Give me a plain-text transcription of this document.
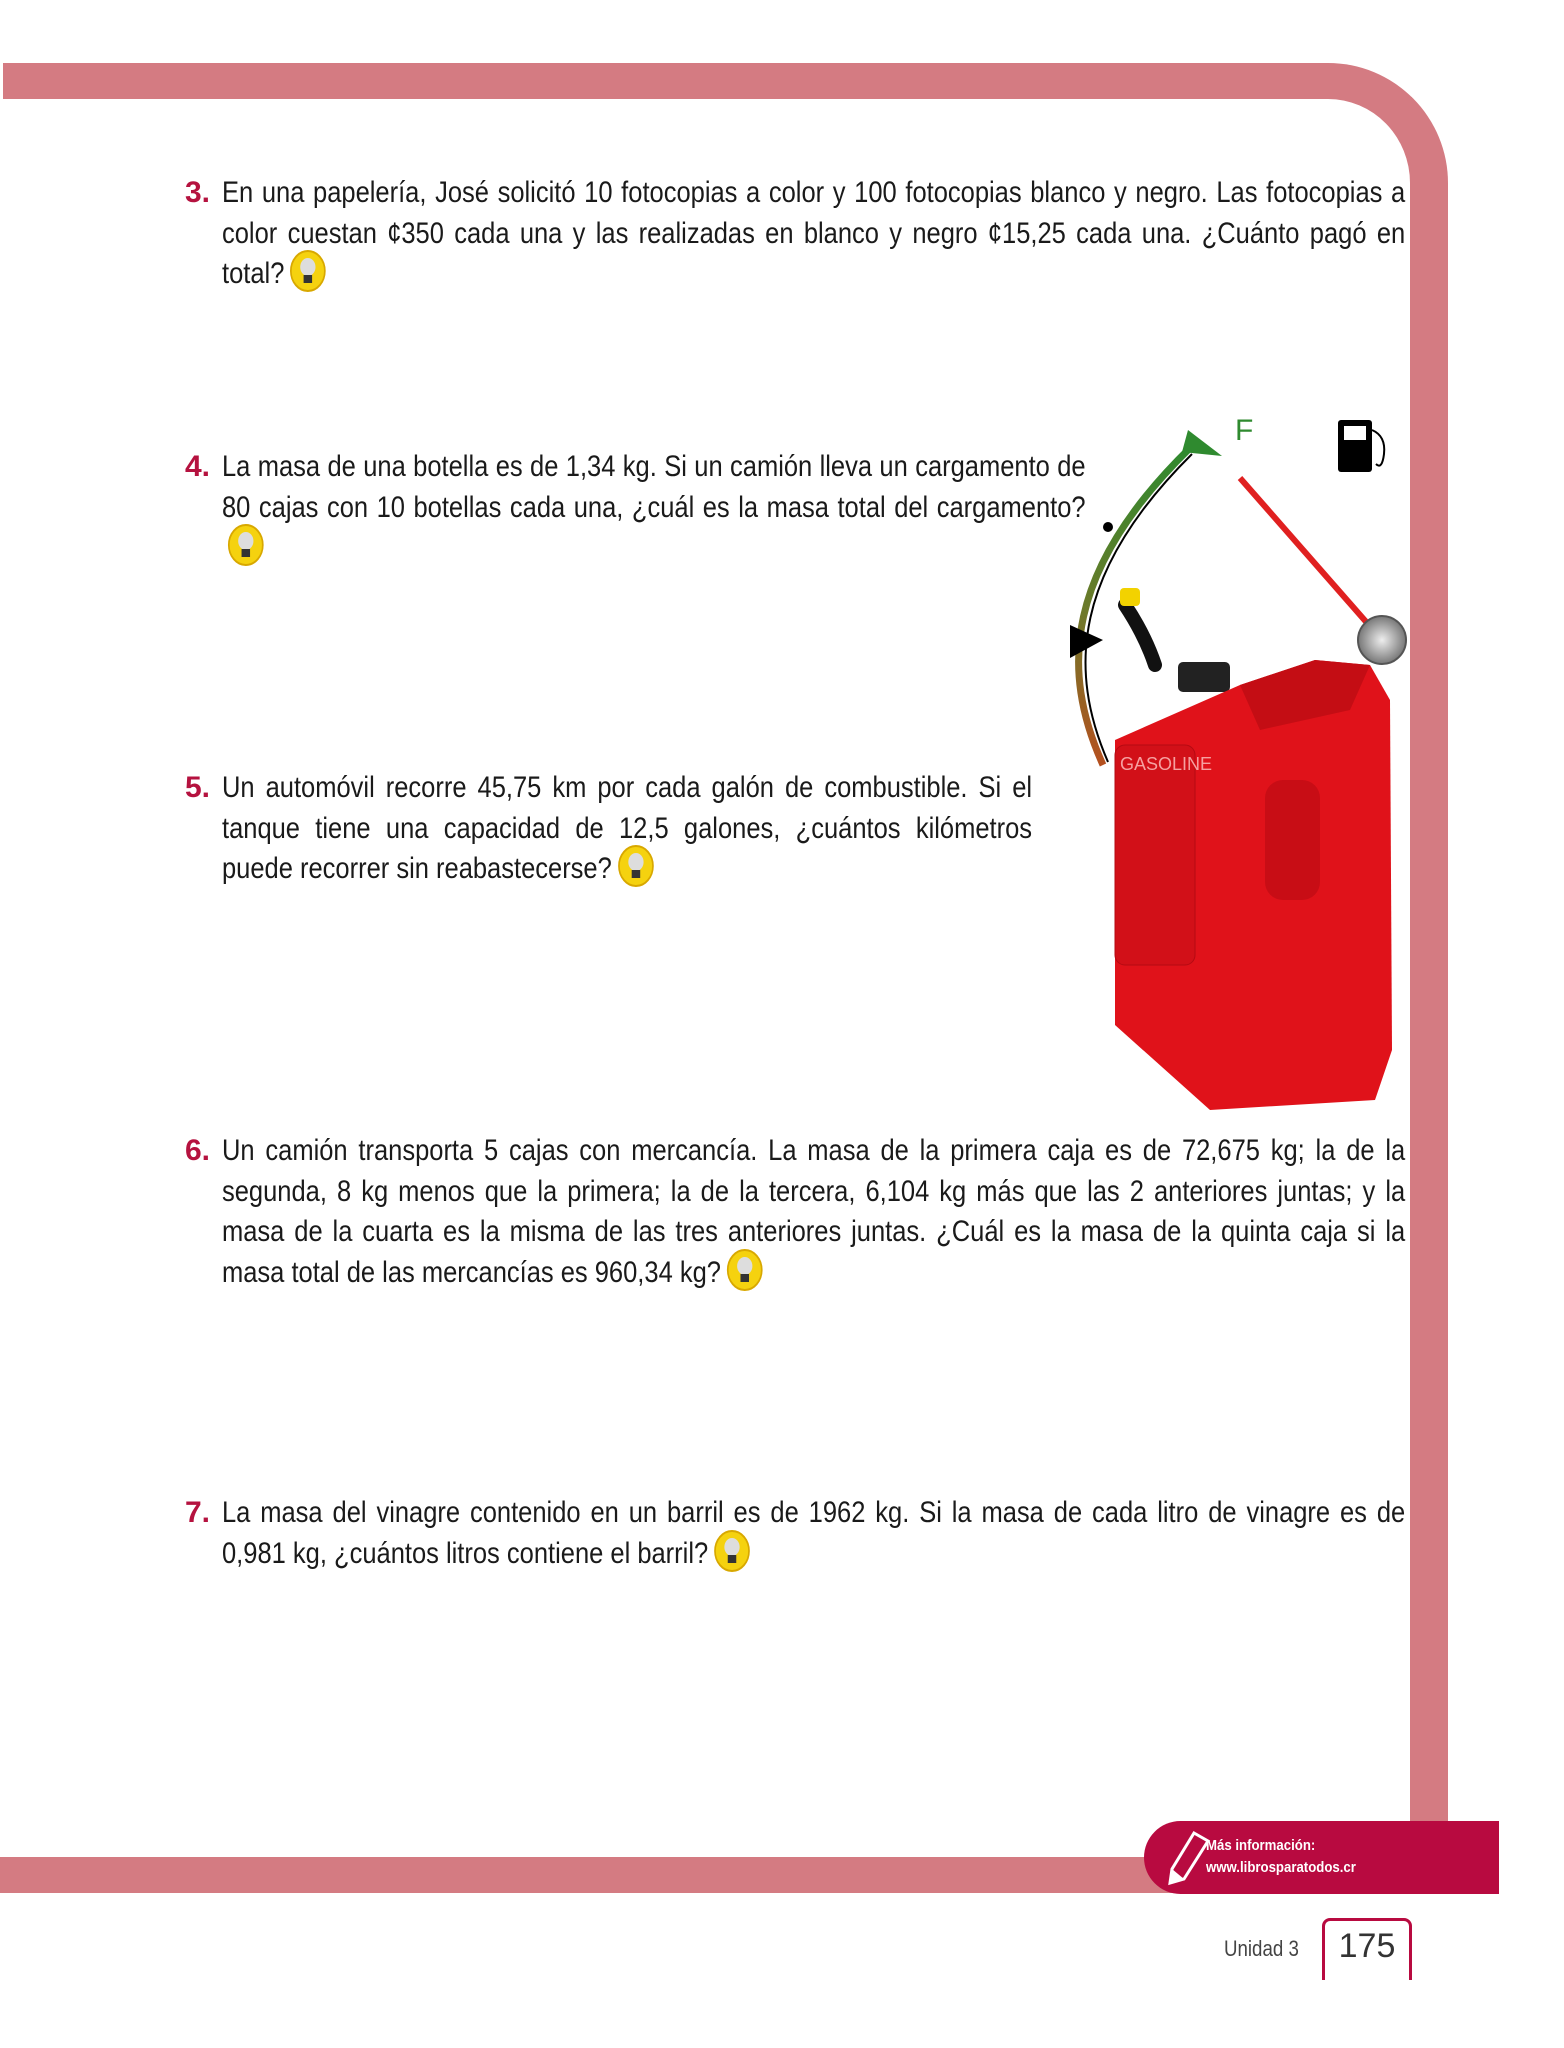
3. En una papelería, José solicitó 10 fotocopias a color y 100 fotocopias blanco y negro. Las fotocopias a color cuestan ¢350 cada una y las realizadas en blanco y negro ¢15,25 cada una. ¿Cuánto pagó en total?
4. La masa de una botella es de 1,34 kg. Si un camión lleva un cargamento de 80 cajas con 10 botellas cada una, ¿cuál es la masa total del cargamento?
5. Un automóvil recorre 45,75 km por cada galón de combustible. Si el tanque tiene una capacidad de 12,5 galones, ¿cuántos kilómetros puede recorrer sin reabastecerse?
6. Un camión transporta 5 cajas con mercancía. La masa de la primera caja es de 72,675 kg; la de la segunda, 8 kg menos que la primera; la de la tercera, 6,104 kg más que las 2 anteriores juntas; y la masa de la cuarta es la misma de las tres anteriores juntas. ¿Cuál es la masa de la quinta caja si la masa total de las mercancías es 960,34 kg?
7. La masa del vinagre contenido en un barril es de 1962 kg. Si la masa de cada litro de vinagre es de 0,981 kg, ¿cuántos litros contiene el barril?
F
GASOLINE
Más información:
www.librosparatodos.cr
Unidad 3	175
